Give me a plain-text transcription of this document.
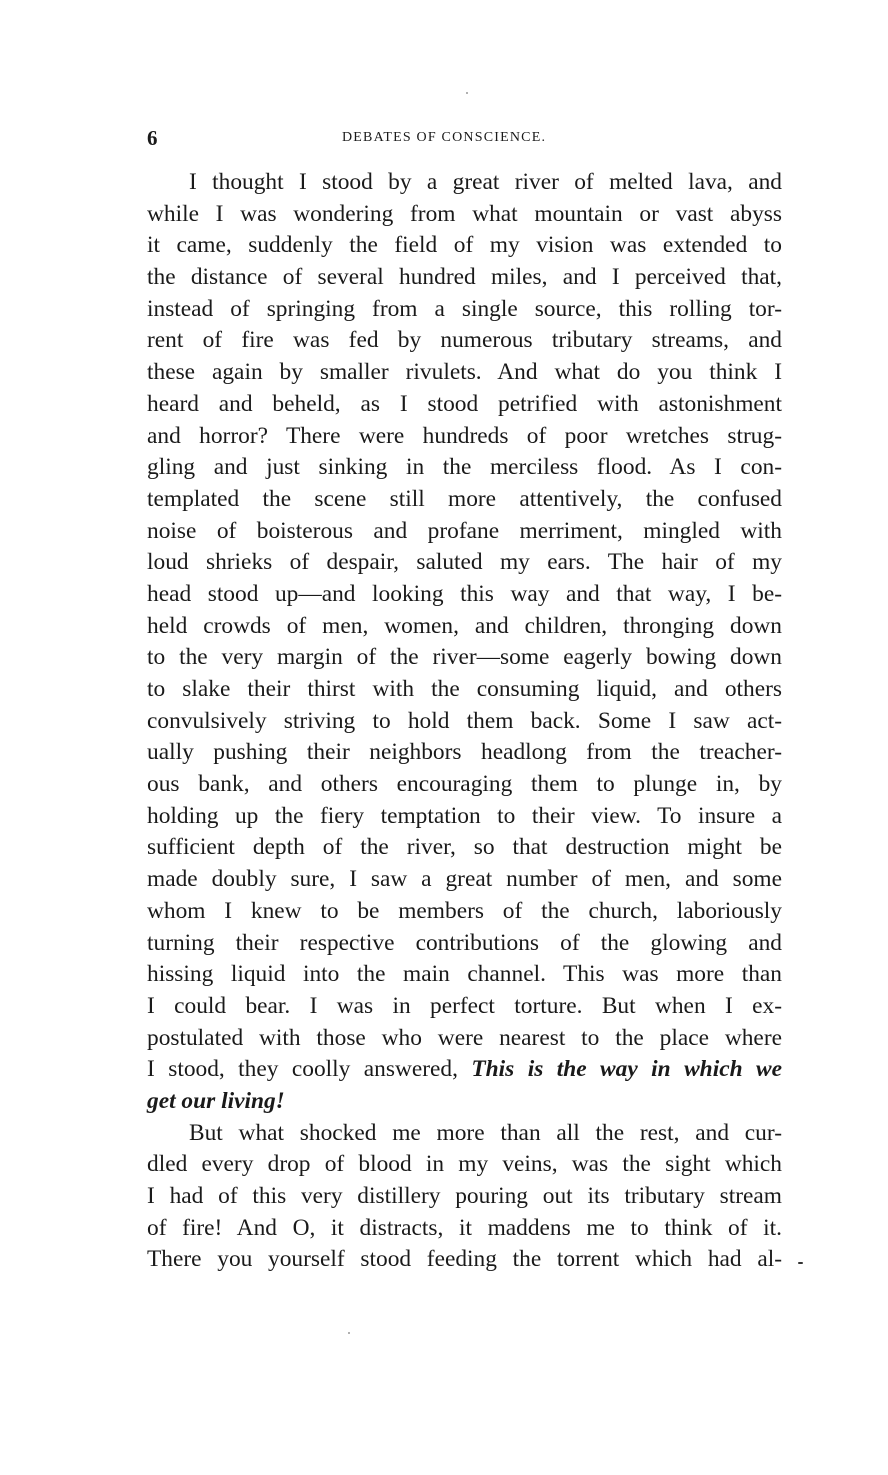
6	DEBATES OF CONSCIENCE.
I thought I stood by a great river of melted lava, and
while I was wondering from what mountain or vast abyss
it came, suddenly the field of my vision was extended to
the distance of several hundred miles, and I perceived that,
instead of springing from a single source, this rolling tor-
rent of fire was fed by numerous tributary streams, and
these again by smaller rivulets. And what do you think I
heard and beheld, as I stood petrified with astonishment
and horror? There were hundreds of poor wretches strug-
gling and just sinking in the merciless flood. As I con-
templated the scene still more attentively, the confused
noise of boisterous and profane merriment, mingled with
loud shrieks of despair, saluted my ears. The hair of my
head stood up—and looking this way and that way, I be-
held crowds of men, women, and children, thronging down
to the very margin of the river—some eagerly bowing down
to slake their thirst with the consuming liquid, and others
convulsively striving to hold them back. Some I saw act-
ually pushing their neighbors headlong from the treacher-
ous bank, and others encouraging them to plunge in, by
holding up the fiery temptation to their view. To insure a
sufficient depth of the river, so that destruction might be
made doubly sure, I saw a great number of men, and some
whom I knew to be members of the church, laboriously
turning their respective contributions of the glowing and
hissing liquid into the main channel. This was more than
I could bear. I was in perfect torture. But when I ex-
postulated with those who were nearest to the place where
I stood, they coolly answered, This is the way in which we
get our living!
But what shocked me more than all the rest, and cur-
dled every drop of blood in my veins, was the sight which
I had of this very distillery pouring out its tributary stream
of fire! And O, it distracts, it maddens me to think of it.
There you yourself stood feeding the torrent which had al-
